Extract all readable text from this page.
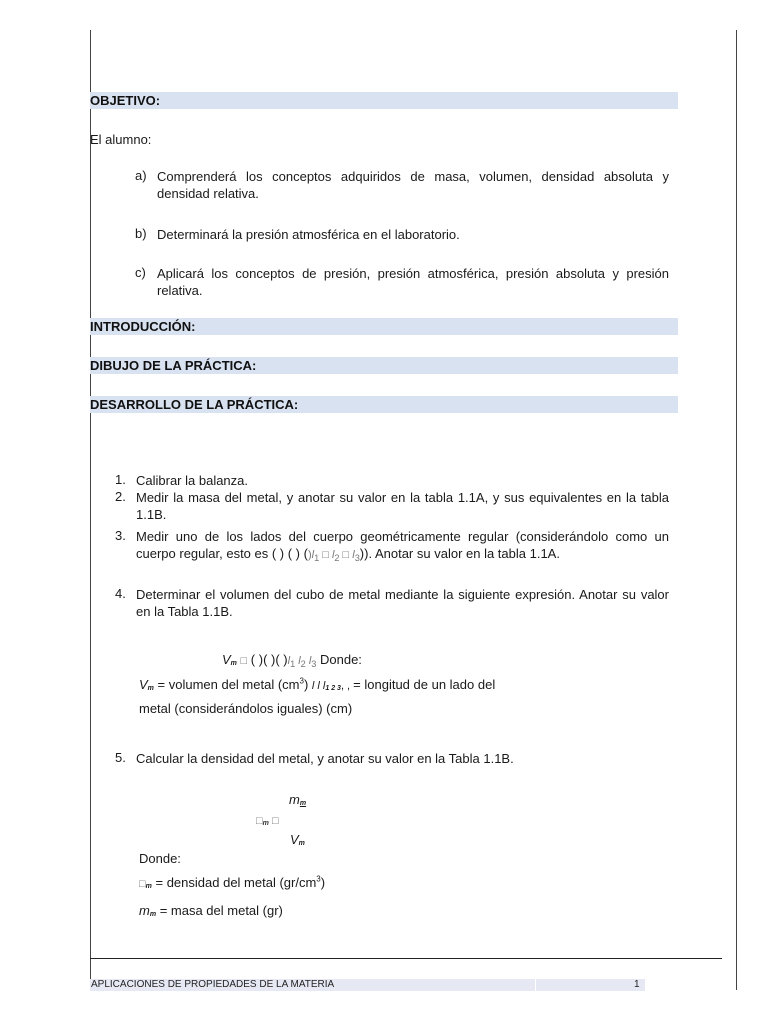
OBJETIVO:
El alumno:
a) Comprenderá los conceptos adquiridos de masa, volumen, densidad absoluta y densidad relativa.
b) Determinará la presión atmosférica en el laboratorio.
c) Aplicará los conceptos de presión, presión atmosférica, presión absoluta y presión relativa.
INTRODUCCIÓN:
DIBUJO DE LA PRÁCTICA:
DESARROLLO DE LA PRÁCTICA:
1. Calibrar la balanza.
2. Medir la masa del metal, y anotar su valor en la tabla 1.1A, y sus equivalentes en la tabla 1.1B.
3. Medir uno de los lados del cuerpo geométricamente regular (considerándolo como un cuerpo regular, esto es ( ) ( ) $()l_1$ □ $l_2$ □ $l_3$)). Anotar su valor en la tabla 1.1A.
4. Determinar el volumen del cubo de metal mediante la siguiente expresión. Anotar su valor en la Tabla 1.1B.
Vm □ ( )( )( )$l_1$ $l_2$ $l_3$ Donde:
Vm = volumen del metal $(cm^3)$ l l l1 2 3, , = longitud de un lado del
metal (considerándolos iguales) (cm)
5. Calcular la densidad del metal, y anotar su valor en la Tabla 1.1B.
mm
□m □
Vm
Donde:
□m = densidad del metal $(gr/cm^3)$
mm = masa del metal (gr)
APLICACIONES DE PROPIEDADES DE LA MATERIA	1
